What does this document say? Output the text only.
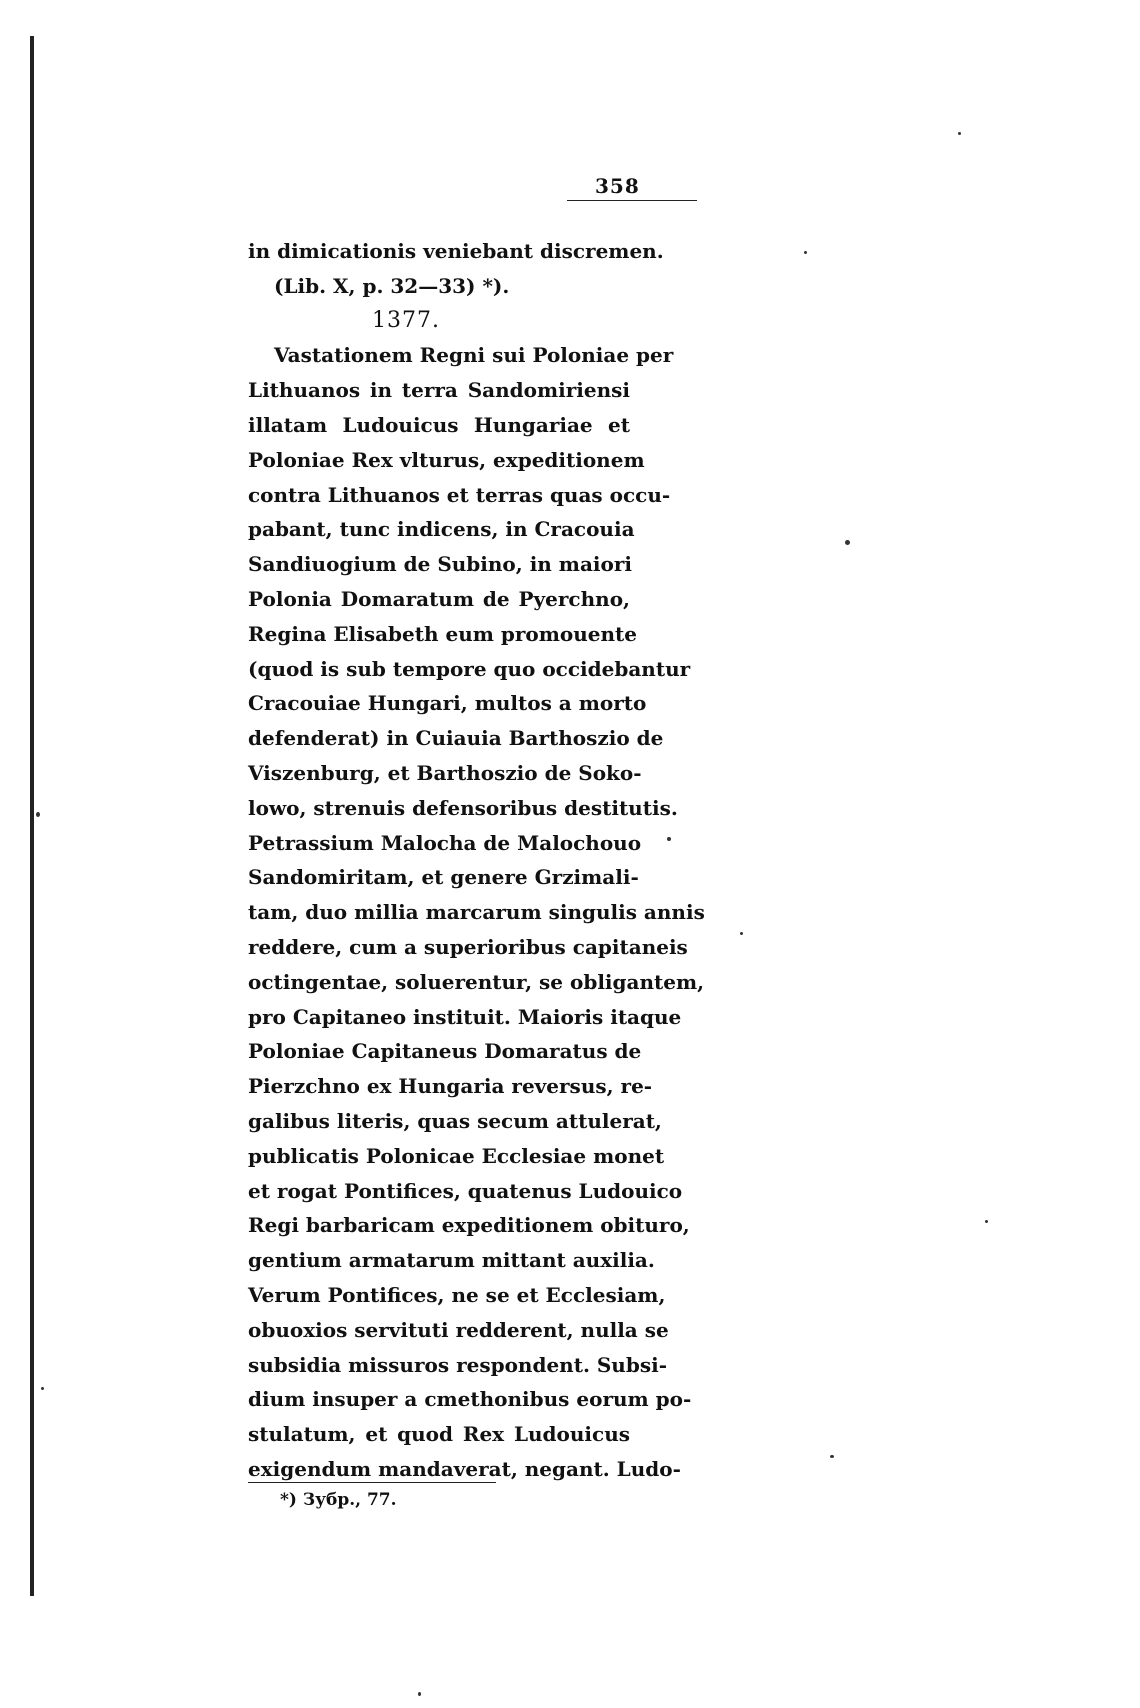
358
in dimicationis veniebant discremen.
(Lib. X, p. 32—33) *).
1377.
Vastationem Regni sui Poloniae per
Lithuanos in terra Sandomiriensi
illatam Ludouicus Hungariae et
Poloniae Rex vlturus, expeditionem
contra Lithuanos et terras quas occu-
pabant, tunc indicens, in Cracouia
Sandiuogium de Subino, in maiori
Polonia Domaratum de Pyerchno,
Regina Elisabeth eum promouente
(quod is sub tempore quo occidebantur
Cracouiae Hungari, multos a morto
defenderat) in Cuiauia Barthoszio de
Viszenburg, et Barthoszio de Soko-
lowo, strenuis defensoribus destitutis.
Petrassium Malocha de Malochouo
Sandomiritam, et genere Grzimali-
tam, duo millia marcarum singulis annis
reddere, cum a superioribus capitaneis
octingentae, soluerentur, se obligantem,
pro Capitaneo instituit. Maioris itaque
Poloniae Capitaneus Domaratus de
Pierzchno ex Hungaria reversus, re-
galibus literis, quas secum attulerat,
publicatis Polonicae Ecclesiae monet
et rogat Pontifices, quatenus Ludouico
Regi barbaricam expeditionem obituro,
gentium armatarum mittant auxilia.
Verum Pontifices, ne se et Ecclesiam,
obuoxios servituti redderent, nulla se
subsidia missuros respondent. Subsi-
dium insuper a cmethonibus eorum po-
stulatum, et quod Rex Ludouicus
exigendum mandaverat, negant. Ludo-
*) Зубр., 77.
